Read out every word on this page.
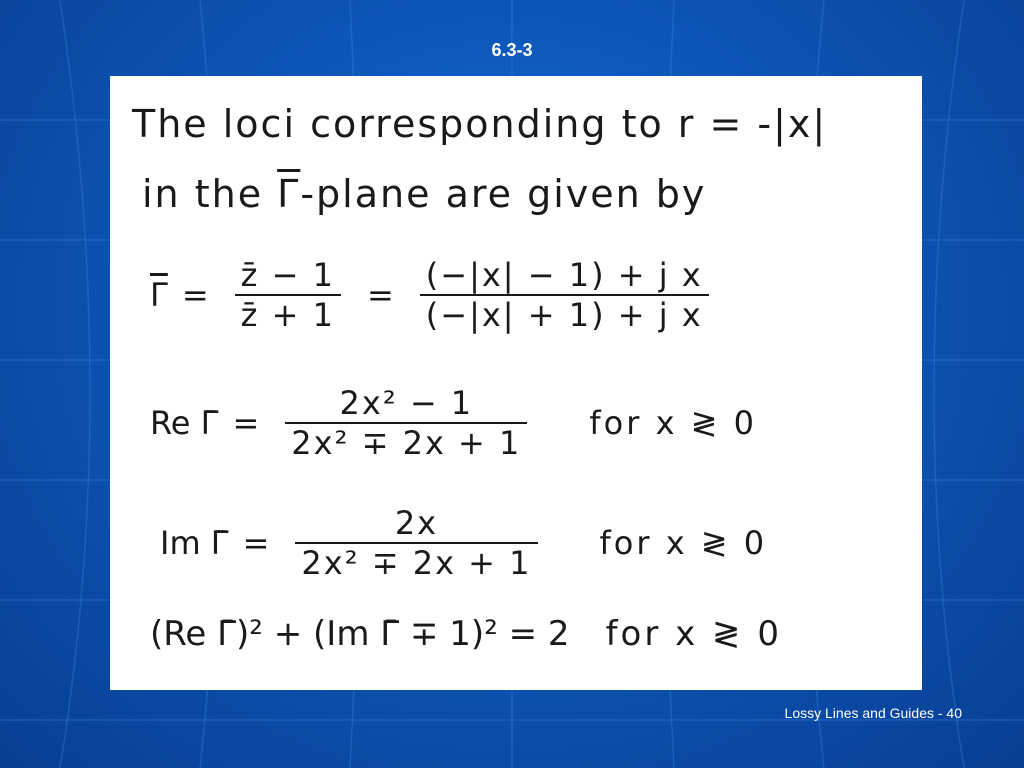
6.3-3
The loci corresponding to r = -|x|
in the $\overline{\Gamma}$-plane are given by
$\overline{\Gamma} = \frac{z̄ - 1}{z̄ + 1} = \frac{\text{(−|x| − 1) + j x}}{\text{(−|x| + 1) + j x}}$
Re Γ̄ = $\frac{\text{2x² − 1}}{\text{2x² ∓ 2x + 1}}$ for x ≷ 0
Im Γ̄ = $\frac{2x}{\text{2x² ∓ 2x + 1}}$ for x ≷ 0
(Re Γ̄)² + (Im Γ̄ ∓ 1)² = 2 for x ≷ 0
Lossy Lines and Guides - 40
